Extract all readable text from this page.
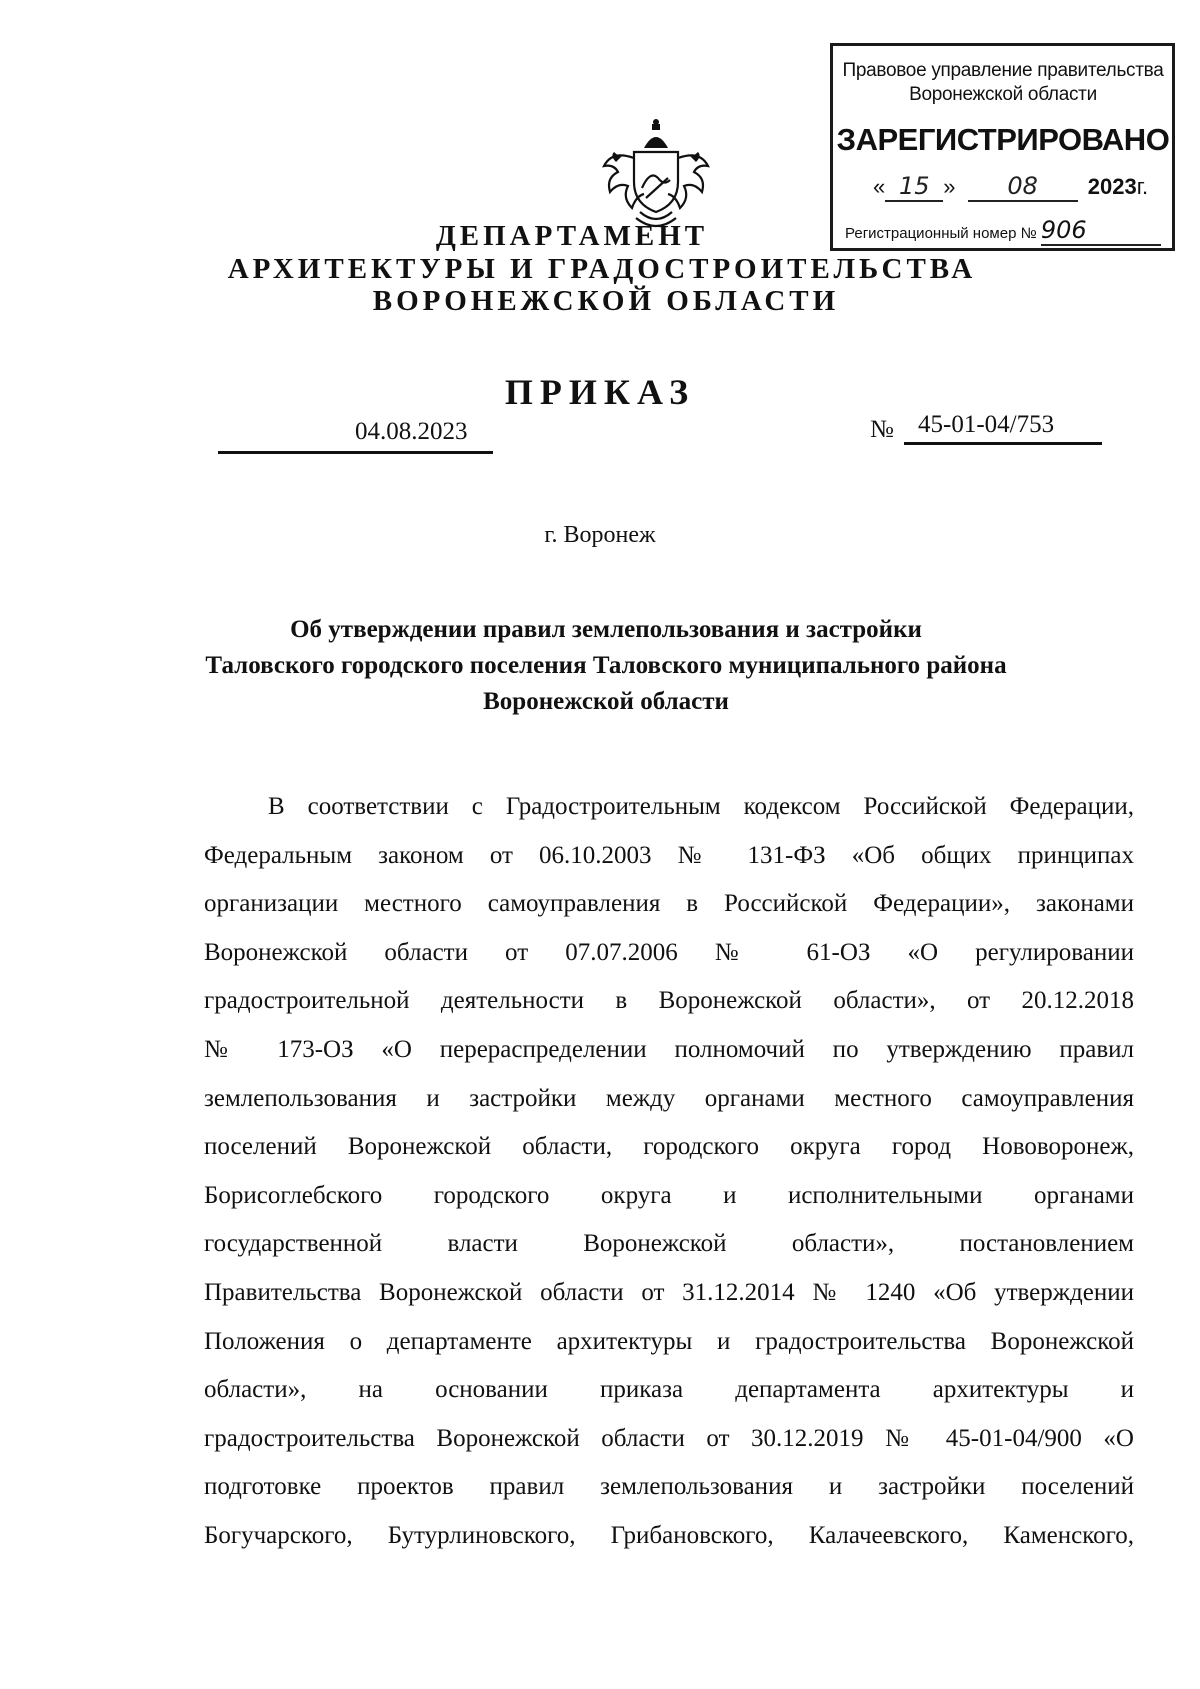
ДЕПАРТАМЕНТ
АРХИТЕКТУРЫ И ГРАДОСТРОИТЕЛЬСТВА
ВОРОНЕЖСКОЙ ОБЛАСТИ
Правовое управление правительства
Воронежской области
ЗАРЕГИСТРИРОВАНО
« 15 » 08 2023г.
Регистрационный номер № 906
ПРИКАЗ
04.08.2023	№ 45-01-04/753
г. Воронеж
Об утверждении правил землепользования и застройки
Таловского городского поселения Таловского муниципального района
Воронежской области
В соответствии с Градостроительным кодексом Российской Федерации,
Федеральным законом от 06.10.2003 № 131-ФЗ «Об общих принципах
организации местного самоуправления в Российской Федерации», законами
Воронежской области от 07.07.2006 № 61-ОЗ «О регулировании
градостроительной деятельности в Воронежской области», от 20.12.2018
№ 173-ОЗ «О перераспределении полномочий по утверждению правил
землепользования и застройки между органами местного самоуправления
поселений Воронежской области, городского округа город Нововоронеж,
Борисоглебского городского округа и исполнительными органами
государственной власти Воронежской области», постановлением
Правительства Воронежской области от 31.12.2014 № 1240 «Об утверждении
Положения о департаменте архитектуры и градостроительства Воронежской
области», на основании приказа департамента архитектуры и
градостроительства Воронежской области от 30.12.2019 № 45-01-04/900 «О
подготовке проектов правил землепользования и застройки поселений
Богучарского, Бутурлиновского, Грибановского, Калачеевского, Каменского,
